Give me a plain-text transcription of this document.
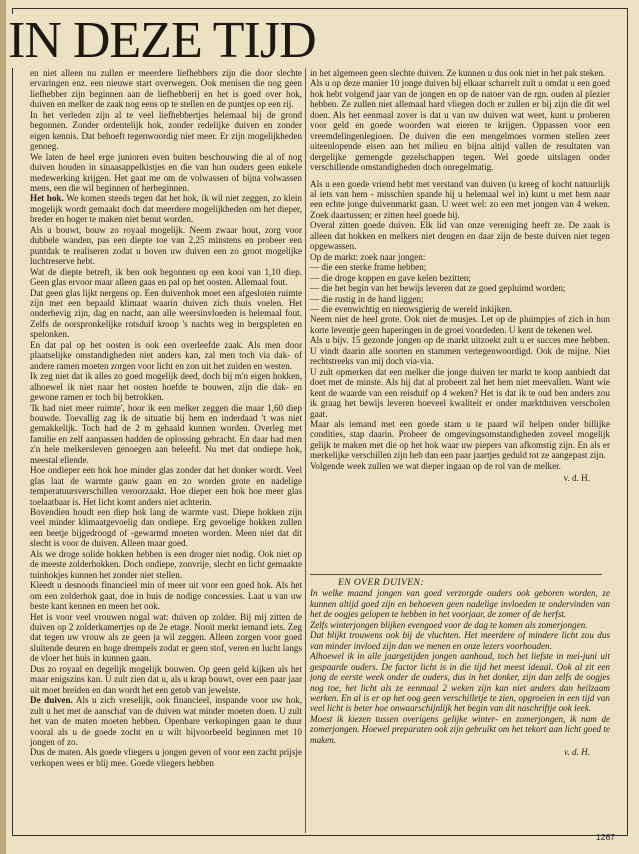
IN DEZE TIJD

en niet alleen nu zullen er meerdere liefhebbers zijn die door slechte ervaringen enz. een nieuwe start overwegen. Ook menisen die nog geen liefhebber zijn beginnen aan de liefhebberij en het is goed over hok, duiven en melker de zaak nog eens op te stellen en de puntjes op een rij.

In het verleden zijn al te veel liefhebbertjes helemaal bij de grond begonnen. Zonder ordentelijk hok, zonder redelijke duiven en zonder eigen kennis. Dat behoeft tegenwoordig niet meer. Er zijn mogelijkheden genoeg.

We laten de heel erge junioren even buiten beschouwing die al of nog duiven houden in sinaasappelkistjes en die van hun ouders geen enkele medewerking krijgen. Het gaat me om de volwassen of bijna volwassen mens, een die wil beginnen of herbeginnen.

Het hok. We komen steeds tegen dat het hok, ik wil niet zeggen, zo klein mogelijk wordt gemaakt doch dat meerdere mogelijkheden om het dieper, breder en hoger te maken niet benut worden.

Als u bouwt, bouw zo royaal mogelijk. Neem zwaar hout, zorg voor dubbele wanden, pas een diepte toe van 2,25 minstens en probeer een puntdak te realiseren zodat u boven uw duiven een zo groot mogelijke luchtreserve hebt.

Wat de diepte betreft, ik ben ook begonnen op een kooi van 1,10 diep. Geen glas ervoor maar alleen gaas en pal op het oosten. Allemaal fout.

Dat geen glas lijkt nergens op. Een duivenhok moet een afgesloten ruimte zijn met een bepaald klimaat waarin duiven zich thuis voelen. Het onderhevig zijn, dag en nacht, aan alle weersinvloeden is helemaal fout. Zelfs de oorspronkelijke rotsduif kroop 's nachts weg in bergspleten en spelonken.

En dat pal op het oosten is ook een overleefde zaak. Als men door plaatselijke omstandigheden niet anders kan, zal men toch via dak- of andere ramen moeten zorgen voor licht en zon uit het zuiden en westen.

Ik zeg niet dat ik alles zo goed mogelijk deed, doch bij m'n eigen hokken, alhoewel ik niet naar het oosten hoefde te bouwen, zijn die dak- en gewone ramen er toch bij betrokken.

'Ik had niet meer ruimte', hoor ik een melker zeggen die maar 1,60 diep bouwde. Toevallig zag ik de situatie bij hem en inderdaad 't was niet gemakkelijk. Toch had de 2 m gehaald kunnen worden. Overleg met familie en zelf aanpassen hadden de oplossing gebracht. En daar had men z'n hele melkersleven genoegen aan beleefd. Nu met dat ondiepe hok, meestal ellende.

Hoe ondieper een hok hoe minder glas zonder dat het donker wordt. Veel glas laat de warmte gauw gaan en zo worden grote en nadelige temperatuursverschillen veroorzaakt. Hoe dieper een hok hoe meer glas toelaatbaar is. Het licht komt anders niet achterin.

Bovendien houdt een diep hok lang de warmte vast. Diepe hokken zijn veel minder klimaatgevoelig dan ondiepe. Erg gevoelige hokken zullen een beetje bijgedroogd of -gewarmd moeten worden. Meen niet dat dit slecht is voor de duiven. Alleen maar goed.

Als we droge solide hokken hebben is een droger niet nodig. Ook niet op de meeste zolderhokken. Doch ondiepe, zonvrije, slecht en licht gemaakte tuinhokjes kunnen het zonder niet stellen.

Kleedt u desnoods financieel min of meer uit voor een goed hok. Als het om een zolderhok gaat, doe in huis de nodige concessies. Laat u van uw beste kant kennen en meen het ook.

Het is voor veel vrouwen nogal wat: duiven op zolder. Bij mij zitten de duiven op 2 zolderkamertjes op de 2e etage. Nooit merkt iemand iets. Zeg dat tegen uw vrouw als ze geen ja wil zeggen. Alleen zorgen voor goed sluitende deuren en hoge drempels zodat er geen stof, veren en lucht langs de vloer het huis in kunnen gaan.

Dus zo royaal en degelijk mogelijk bouwen. Op geen geld kijken als het maar enigszins kan. U zult zien dat u, als u krap bouwt, over een paar jaar uit moet breiden en dan wordt het een getob van jewelste.

De duiven. Als u zich vreselijk, ook financieel, inspande voor uw hok, zult u het met de aanschaf van de duiven wat minder moeten doen. U zult het van de maten moeten hebben. Openbare verkopingen gaan te duur vooral als u de goede zocht en u wilt bijvoorbeeld beginnen met 10 jongen of zo.

Dus de maten. Als goede vliegers u jongen geven of voor een zacht prijsje verkopen wees er blij mee. Goede vliegers hebben

in het algemeen geen slechte duiven. Ze kunnen u dus ook niet in het pak steken.

Als u op deze manier 10 jonge duiven bij elkaar scharrelt zult u omdat u een goed hok hebt volgend jaar van de jongen en op de natoer van de rgn. ouden al plezier hebben. Ze zullen niet allemaal hard vliegen doch er zullen er bij zijn die dit wel doen. Als het eenmaal zover is dat u van uw duiven wat weet, kunt u proberen voor geld en goede woorden wat eieren te krijgen. Oppassen voor een vreemdelingenlegioen. De duiven die een mengelmoes vormen stellen zeer uiteenlopende eisen aan het milieu en bijna altijd vallen de resultaten van dergelijke gemengde gezelschappen tegen. Wel goede uitslagen onder verschillende omstandigheden doch onregelmatig.

Als u een goede vriend hebt met verstand van duiven (u kreeg of kocht natuurlijk al iets van hem - misschien spande hij u helemaal wel in) kunt u met hem naar een echte jonge duivenmarkt gaan. U weet wel: zo een met jongen van 4 weken. Zoek daartussen; er zitten heel goede bij.

Overal zitten goede duiven. Elk lid van onze vereniging heeft ze. De zaak is alleen dat hokken en melkers niet deugen en daar zijn de beste duiven niet tegen opgewassen.

Op de markt: zoek naar jongen:

— die een sterke frame hebben;

— die droge koppen en gave kelen bezitten;

— die het begin van het bewijs leveren dat ze goed gepluimd worden;

— die rustig in de hand liggen;

— die evenwichtig en nieuwsgierig de wereld inkijken.

Neem niet de heel grote. Ook niet de musjes. Let op de pluimpjes of zich in hun korte leventje geen haperingen in de groei voordeden. U kent de tekenen wel.

Als u bijv. 15 gezonde jongen op de markt uitzoekt zult u er succes mee hebben. U vindt daarin alle soorten en stammen vertegenwoordigd. Ook de mijne. Niet rechtstreeks van mij doch via-via.

U zult opmerken dat een melker die jonge duiven ter markt te koop aanbiedt dat doet met de minste. Als hij dat al probeert zal het hem niet meevallen. Want wie kent de waarde van een reisduif op 4 weken? Het is dat ik te oud ben anders zou ik graag het bewijs leveren hoeveel kwaliteit er onder marktduiven verscholen gaat.

Maar als iemand met een goede stam u te paard wil helpen onder billijke condities, stap daarin. Probeer de omgevingsomstandigheden zoveel mogelijk gelijk te maken met die op het hok waar uw piepers van afkomstig zijn. En als er merkelijke verschillen zijn heb dan een paar jaartjes geduld tot ze aangepast zijn.

Volgende week zullen we wat dieper ingaan op de rol van de melker.

v. d. H.

EN OVER DUIVEN:

In welke maand jongen van goed verzorgde ouders ook geboren worden, ze kunnen altijd goed zijn en behoeven geen nadelige invloeden te ondervinden van het de oogjes gelopen te hebben in het voorjaar, de zomer of de herfst.

Zelfs winterjongen blijken evengoed voor de dag te komen als zomerjongen.

Dat blijkt trouwens ook bij de vluchten. Het meerdere of mindere licht zou dus van minder invloed zijn dan we menen en onze lezers voorhouden.

Alhoewel ik in alle jaargetijden jongen aanhoud, toch het liefste in mei-juni uit gespaarde ouders. De factor licht is in die tijd het meest ideaal. Ook al zit een jong de eerste week onder de ouders, dus in het donker, zijn dan zelfs de oogjes nog toe, het licht als ze eenmaal 2 weken zijn kan niet anders dan heilzaam werken. En al is er op het oog geen verschilletje te zien, opgroeien in een tijd van veel licht is beter hoe onwaarschijnlijk het begin van dit naschriftje ook leek.

Moest ik kiezen tussen overigens gelijke winter- en zomerjongen, ik nam de zomerjongen. Hoewel preparaten ook zijn gebruikt om het tekort aan licht goed te maken.

v. d. H.

1267
